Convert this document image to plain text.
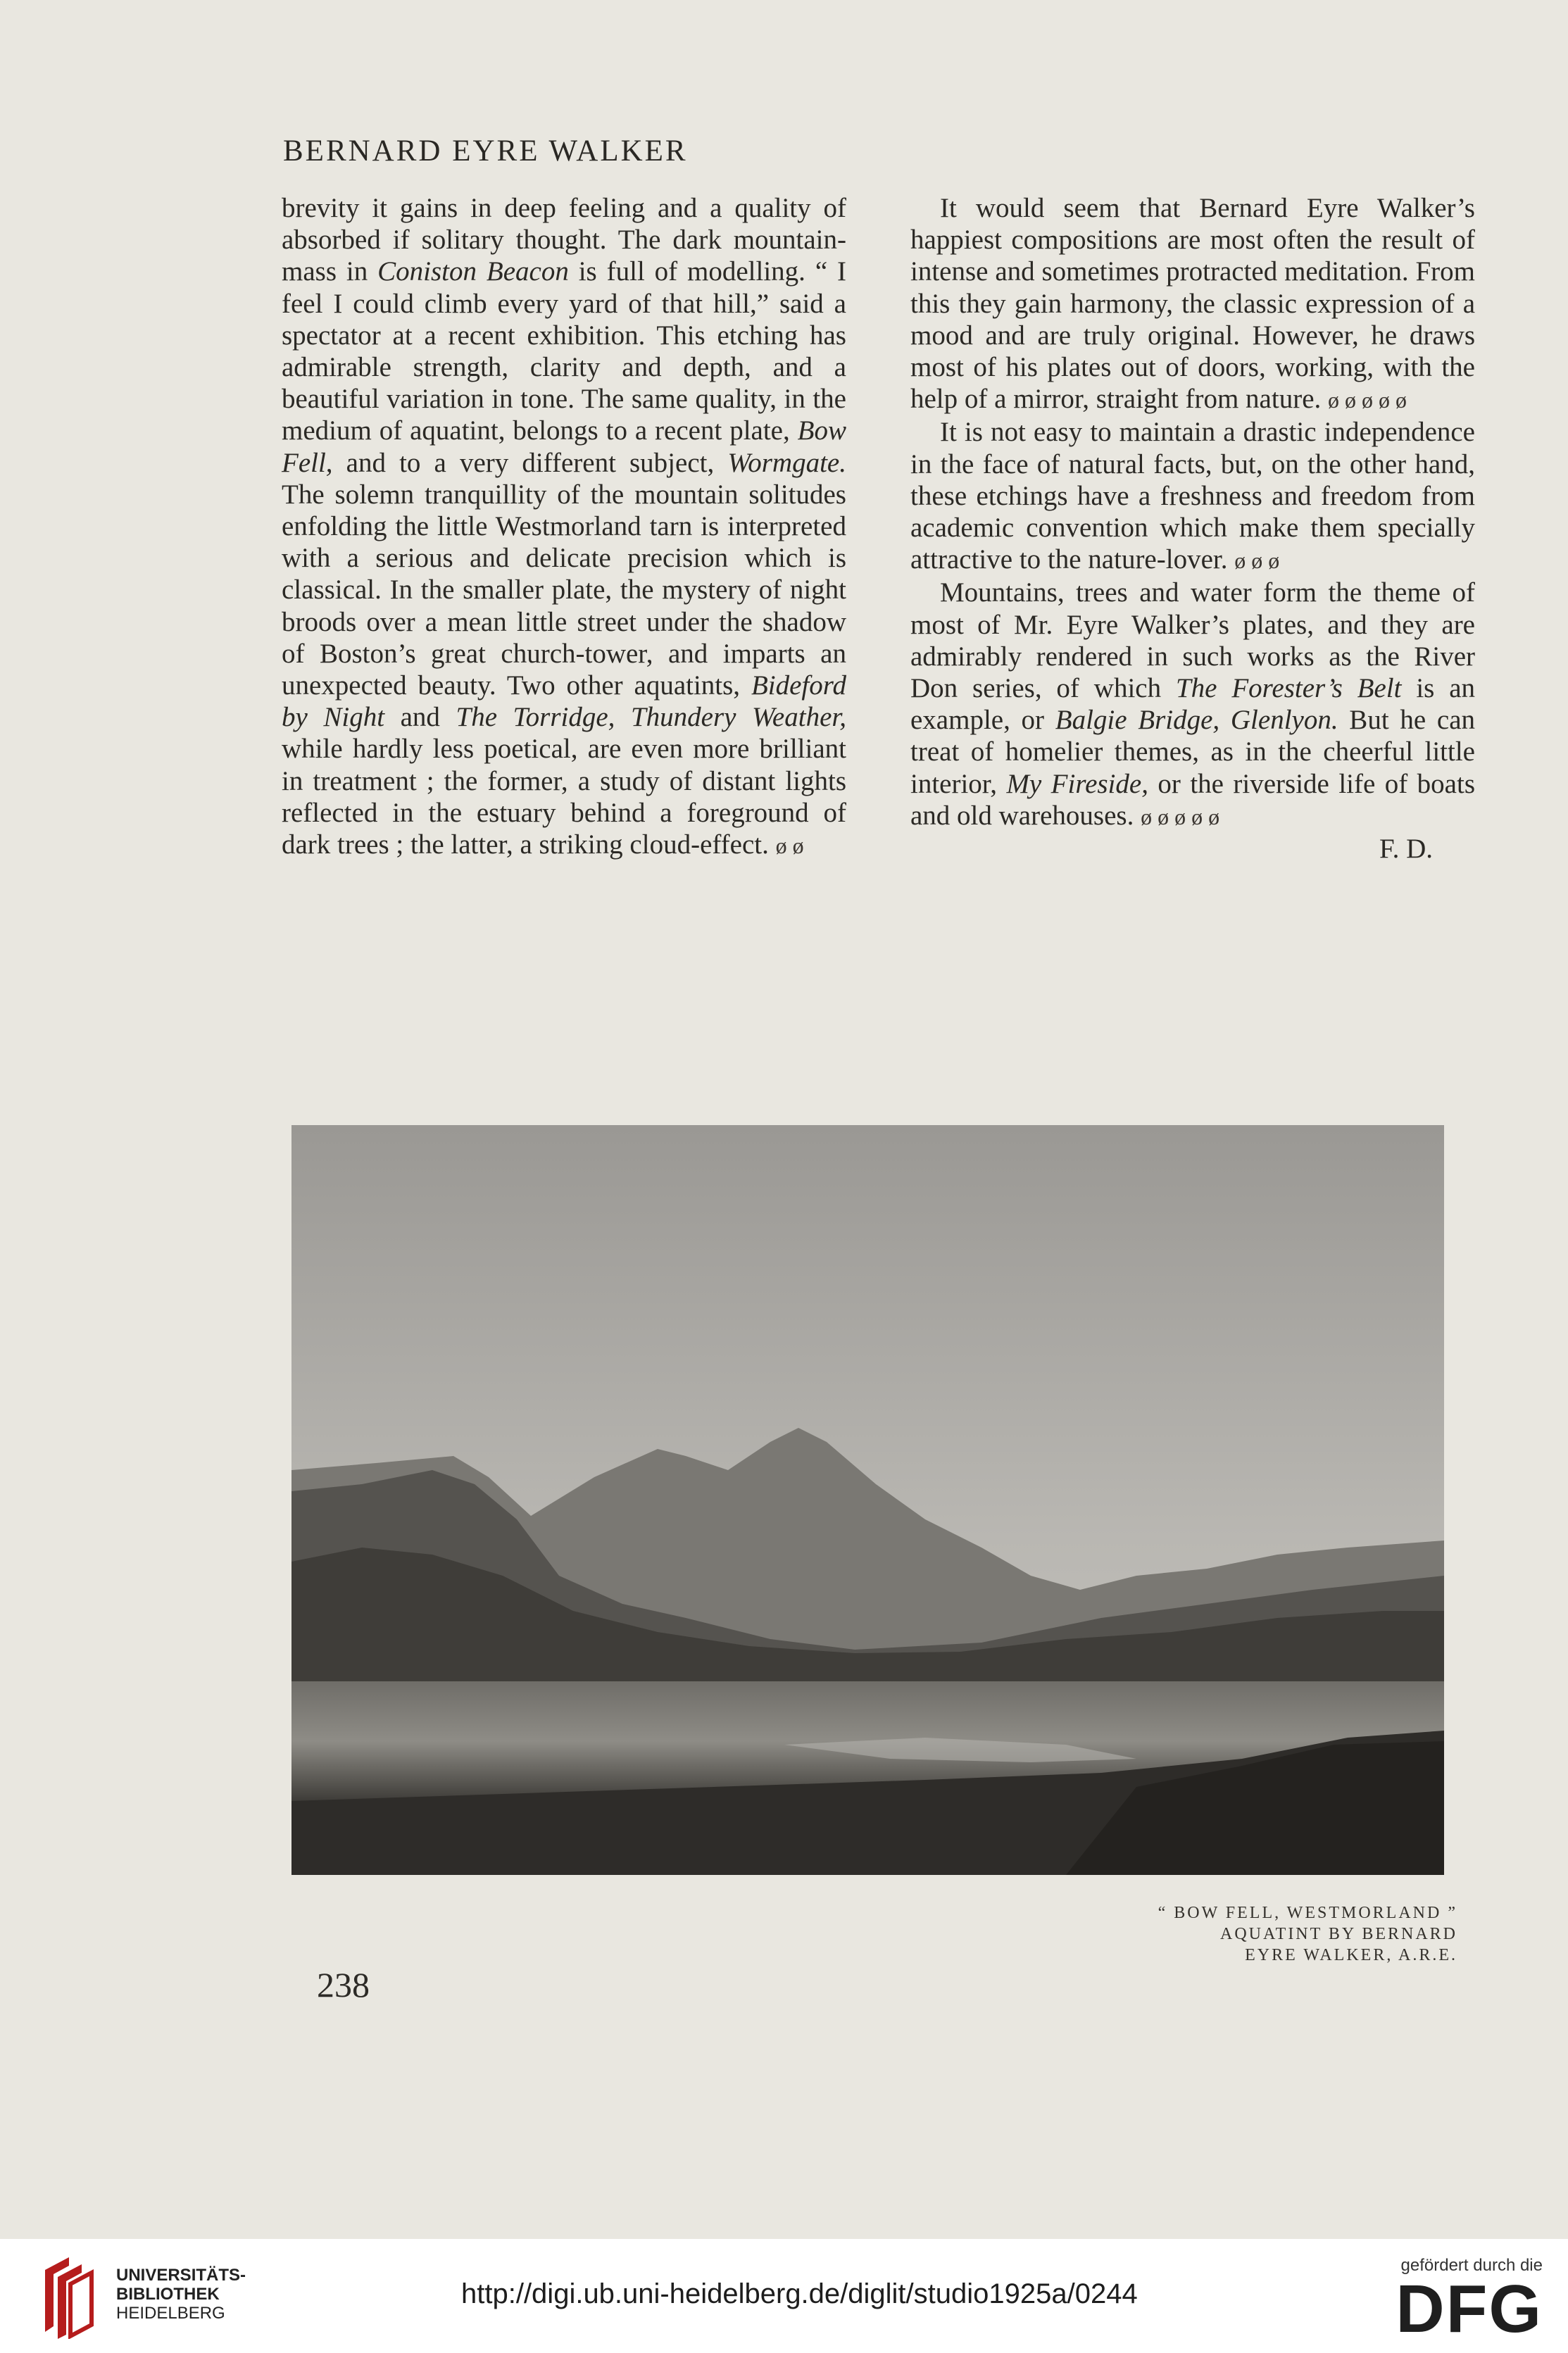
BERNARD EYRE WALKER

brevity it gains in deep feeling and a quality of absorbed if solitary thought. The dark mountain-mass in Coniston Beacon is full of modelling. “ I feel I could climb every yard of that hill,” said a spectator at a recent exhibition. This etching has admirable strength, clarity and depth, and a beautiful variation in tone. The same quality, in the medium of aquatint, belongs to a recent plate, Bow Fell, and to a very different subject, Wormgate. The solemn tranquillity of the mountain solitudes enfolding the little Westmorland tarn is interpreted with a serious and delicate precision which is classical. In the smaller plate, the mystery of night broods over a mean little street under the shadow of Boston’s great church-tower, and imparts an unexpected beauty. Two other aquatints, Bideford by Night and The Torridge, Thundery Weather, while hardly less poetical, are even more brilliant in treatment ; the former, a study of distant lights reflected in the estuary behind a foreground of dark trees ; the latter, a striking cloud-effect. ø ø

It would seem that Bernard Eyre Walker’s happiest compositions are most often the result of intense and sometimes protracted meditation. From this they gain harmony, the classic expression of a mood and are truly original. However, he draws most of his plates out of doors, working, with the help of a mirror, straight from nature. ø ø ø ø ø

It is not easy to maintain a drastic independence in the face of natural facts, but, on the other hand, these etchings have a freshness and freedom from academic convention which make them specially attractive to the nature-lover. ø ø ø

Mountains, trees and water form the theme of most of Mr. Eyre Walker’s plates, and they are admirably rendered in such works as the River Don series, of which The Forester’s Belt is an example, or Balgie Bridge, Glenlyon. But he can treat of homelier themes, as in the cheerful little interior, My Fireside, or the riverside life of boats and old warehouses. ø ø ø ø ø

F. D.

“ BOW FELL, WESTMORLAND ”
AQUATINT BY BERNARD
EYRE WALKER, A.R.E.
238
UNIVERSITÄTS-
BIBLIOTHEK
HEIDELBERG
http://digi.ub.uni-heidelberg.de/diglit/studio1925a/0244
gefördert durch die
DFG
